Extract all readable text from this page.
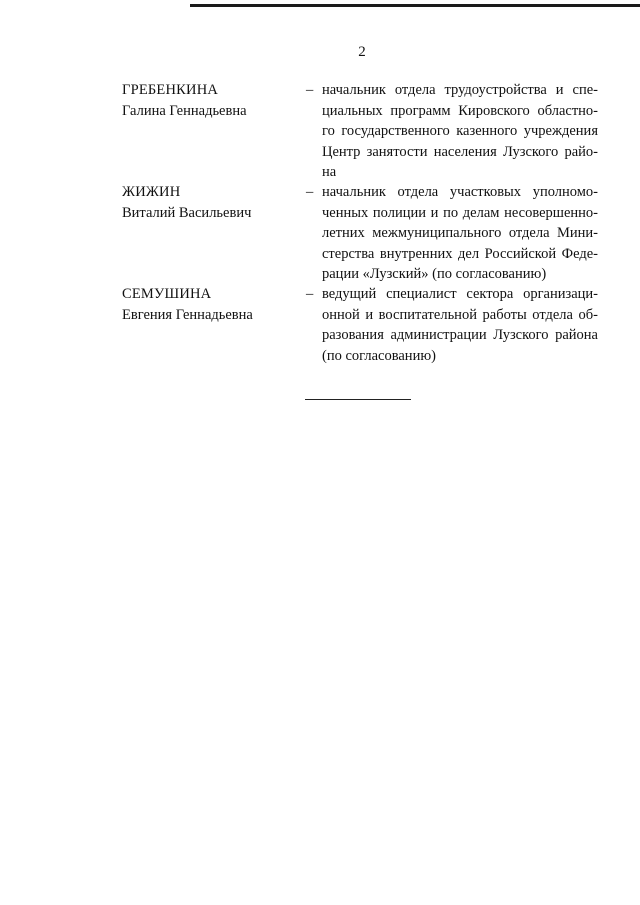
2
ГРЕБЕНКИНА
Галина Геннадьевна
– начальник отдела трудоустройства и спе-
циальных программ Кировского областно-
го государственного казенного учреждения
Центр занятости населения Лузского райо-
на
ЖИЖИН
Виталий Васильевич
– начальник отдела участковых уполномо-
ченных полиции и по делам несовершенно-
летних межмуниципального отдела Мини-
стерства внутренних дел Российской Феде-
рации «Лузский» (по согласованию)
СЕМУШИНА
Евгения Геннадьевна
– ведущий специалист сектора организаци-
онной и воспитательной работы отдела об-
разования администрации Лузского района
(по согласованию)
